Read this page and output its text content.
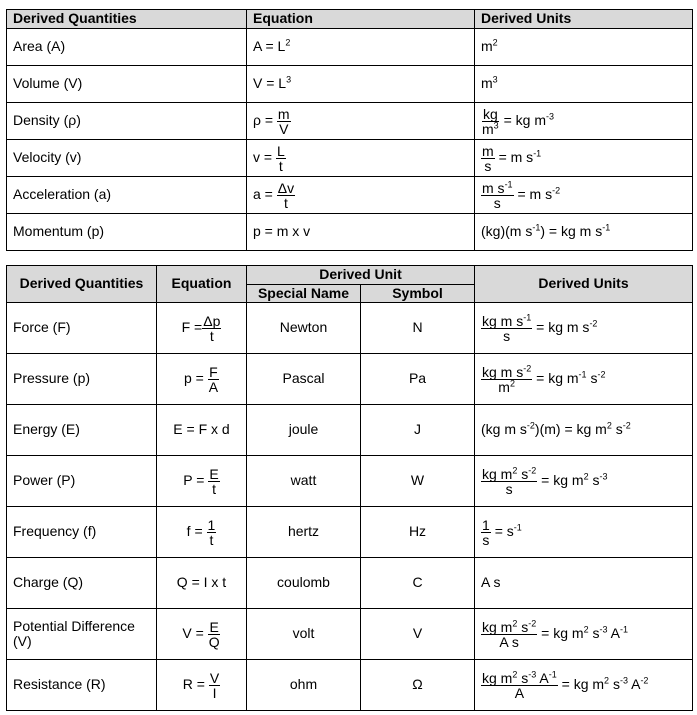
Derived Quantities	Equation	Derived Units
Area (A)	$A = L^2$	$m^2$
Volume (V)	$V = L^3$	$m^3$
Density (ρ)	$\rho = \frac{m}{V}$	$\frac{kg}{m^3}$ = kg $m^{-3}$
Velocity (v)	$v = \frac{L}{t}$	$\frac{m}{s} = m$ $s^{-1}$
Acceleration (a)	$a = \frac{\Delta v}{t}$	$\frac{m s^{-1}}{s} = m$ $s^{-2}$
Momentum (p)	p = m x v	(kg)(m $s^{-1}$) = kg m $s^{-1}$
Derived Quantities	Equation	Derived Unit		Derived Units
		Special Name	Symbol	
Force (F)	$F = \frac{\Delta p}{t}$	Newton	N	$\frac{kg m s^{-1}}{s}$ = kg m $s^{-2}$
Pressure (p)	$p = \frac{F}{A}$	Pascal	Pa	$\frac{kg m s^{-2}}{m^2}$ = kg $m^{-1}$ $s^{-2}$
Energy (E)	E = F x d	joule	J	(kg m $s^{-2})(m)$ = kg $m^2$ $s^{-2}$
Power (P)	$P = \frac{E}{t}$	watt	W	$\frac{kg m^2 s^{-2}}{s}$ = kg $m^2$ $s^{-3}$
Frequency (f)	$f = \frac{1}{t}$	hertz	Hz	$\frac{1}{s} = s^{-1}$
Charge (Q)	Q = I x t	coulomb	C	A s
Potential Difference (V)	$V = \frac{E}{Q}$	volt	V	$\frac{kg m^2 s^{-2}}{\text{A s}}$ = kg $m^2$ $s^{-3}$ $A^{-1}$
Resistance (R)	$R = \frac{V}{I}$	ohm	Ω	$\frac{kg m^2 s^{-3} A^{-1}}{A}$ = kg $m^2$ $s^{-3}$ $A^{-2}$
